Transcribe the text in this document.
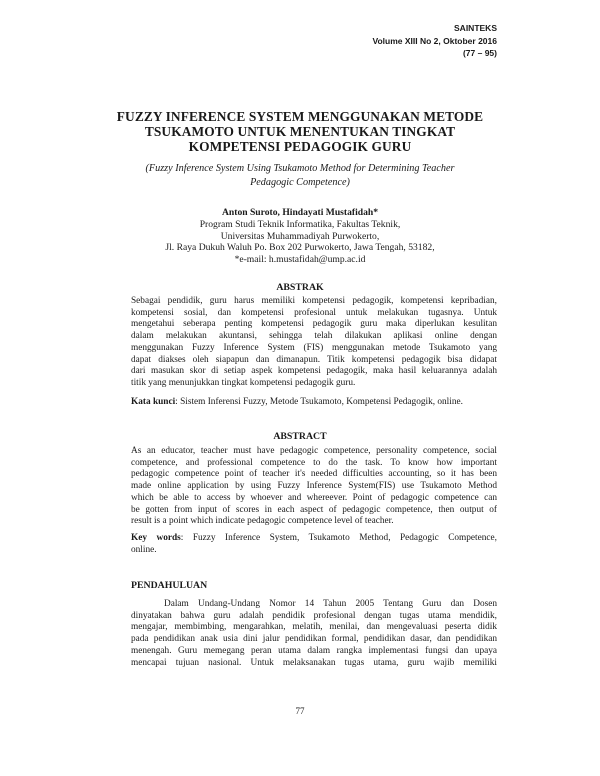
SAINTEKS
Volume XIII No 2, Oktober 2016
(77 – 95)
FUZZY INFERENCE SYSTEM MENGGUNAKAN METODE
TSUKAMOTO UNTUK MENENTUKAN TINGKAT
KOMPETENSI PEDAGOGIK GURU
(Fuzzy Inference System Using Tsukamoto Method for Determining Teacher
Pedagogic Competence)
Anton Suroto, Hindayati Mustafidah*
Program Studi Teknik Informatika, Fakultas Teknik,
Universitas Muhammadiyah Purwokerto,
Jl. Raya Dukuh Waluh Po. Box 202 Purwokerto, Jawa Tengah, 53182,
*e-mail: h.mustafidah@ump.ac.id
ABSTRAK
Sebagai pendidik, guru harus memiliki kompetensi pedagogik, kompetensi kepribadian,
kompetensi sosial, dan kompetensi profesional untuk melakukan tugasnya. Untuk
mengetahui seberapa penting kompetensi pedagogik guru maka diperlukan kesulitan
dalam melakukan akuntansi, sehingga telah dilakukan aplikasi online dengan
menggunakan Fuzzy Inference System (FIS) menggunakan metode Tsukamoto yang
dapat diakses oleh siapapun dan dimanapun. Titik kompetensi pedagogik bisa didapat
dari masukan skor di setiap aspek kompetensi pedagogik, maka hasil keluarannya adalah
titik yang menunjukkan tingkat kompetensi pedagogik guru.
Kata kunci: Sistem Inferensi Fuzzy, Metode Tsukamoto, Kompetensi Pedagogik, online.
ABSTRACT
As an educator, teacher must have pedagogic competence, personality competence, social
competence, and professional competence to do the task. To know how important
pedagogic competence point of teacher it's needed difficulties accounting, so it has been
made online application by using Fuzzy Inference System(FIS) use Tsukamoto Method
which be able to access by whoever and whereever. Point of pedagogic competence can
be gotten from input of scores in each aspect of pedagogic competence, then output of
result is a point which indicate pedagogic competence level of teacher.
Key words: Fuzzy Inference System, Tsukamoto Method, Pedagogic Competence,
online.
PENDAHULUAN
Dalam Undang-Undang Nomor 14 Tahun 2005 Tentang Guru dan Dosen
dinyatakan bahwa guru adalah pendidik profesional dengan tugas utama mendidik,
mengajar, membimbing, mengarahkan, melatih, menilai, dan mengevaluasi peserta didik
pada pendidikan anak usia dini jalur pendidikan formal, pendidikan dasar, dan pendidikan
menengah. Guru memegang peran utama dalam rangka implementasi fungsi dan upaya
mencapai tujuan nasional. Untuk melaksanakan tugas utama, guru wajib memiliki
77
